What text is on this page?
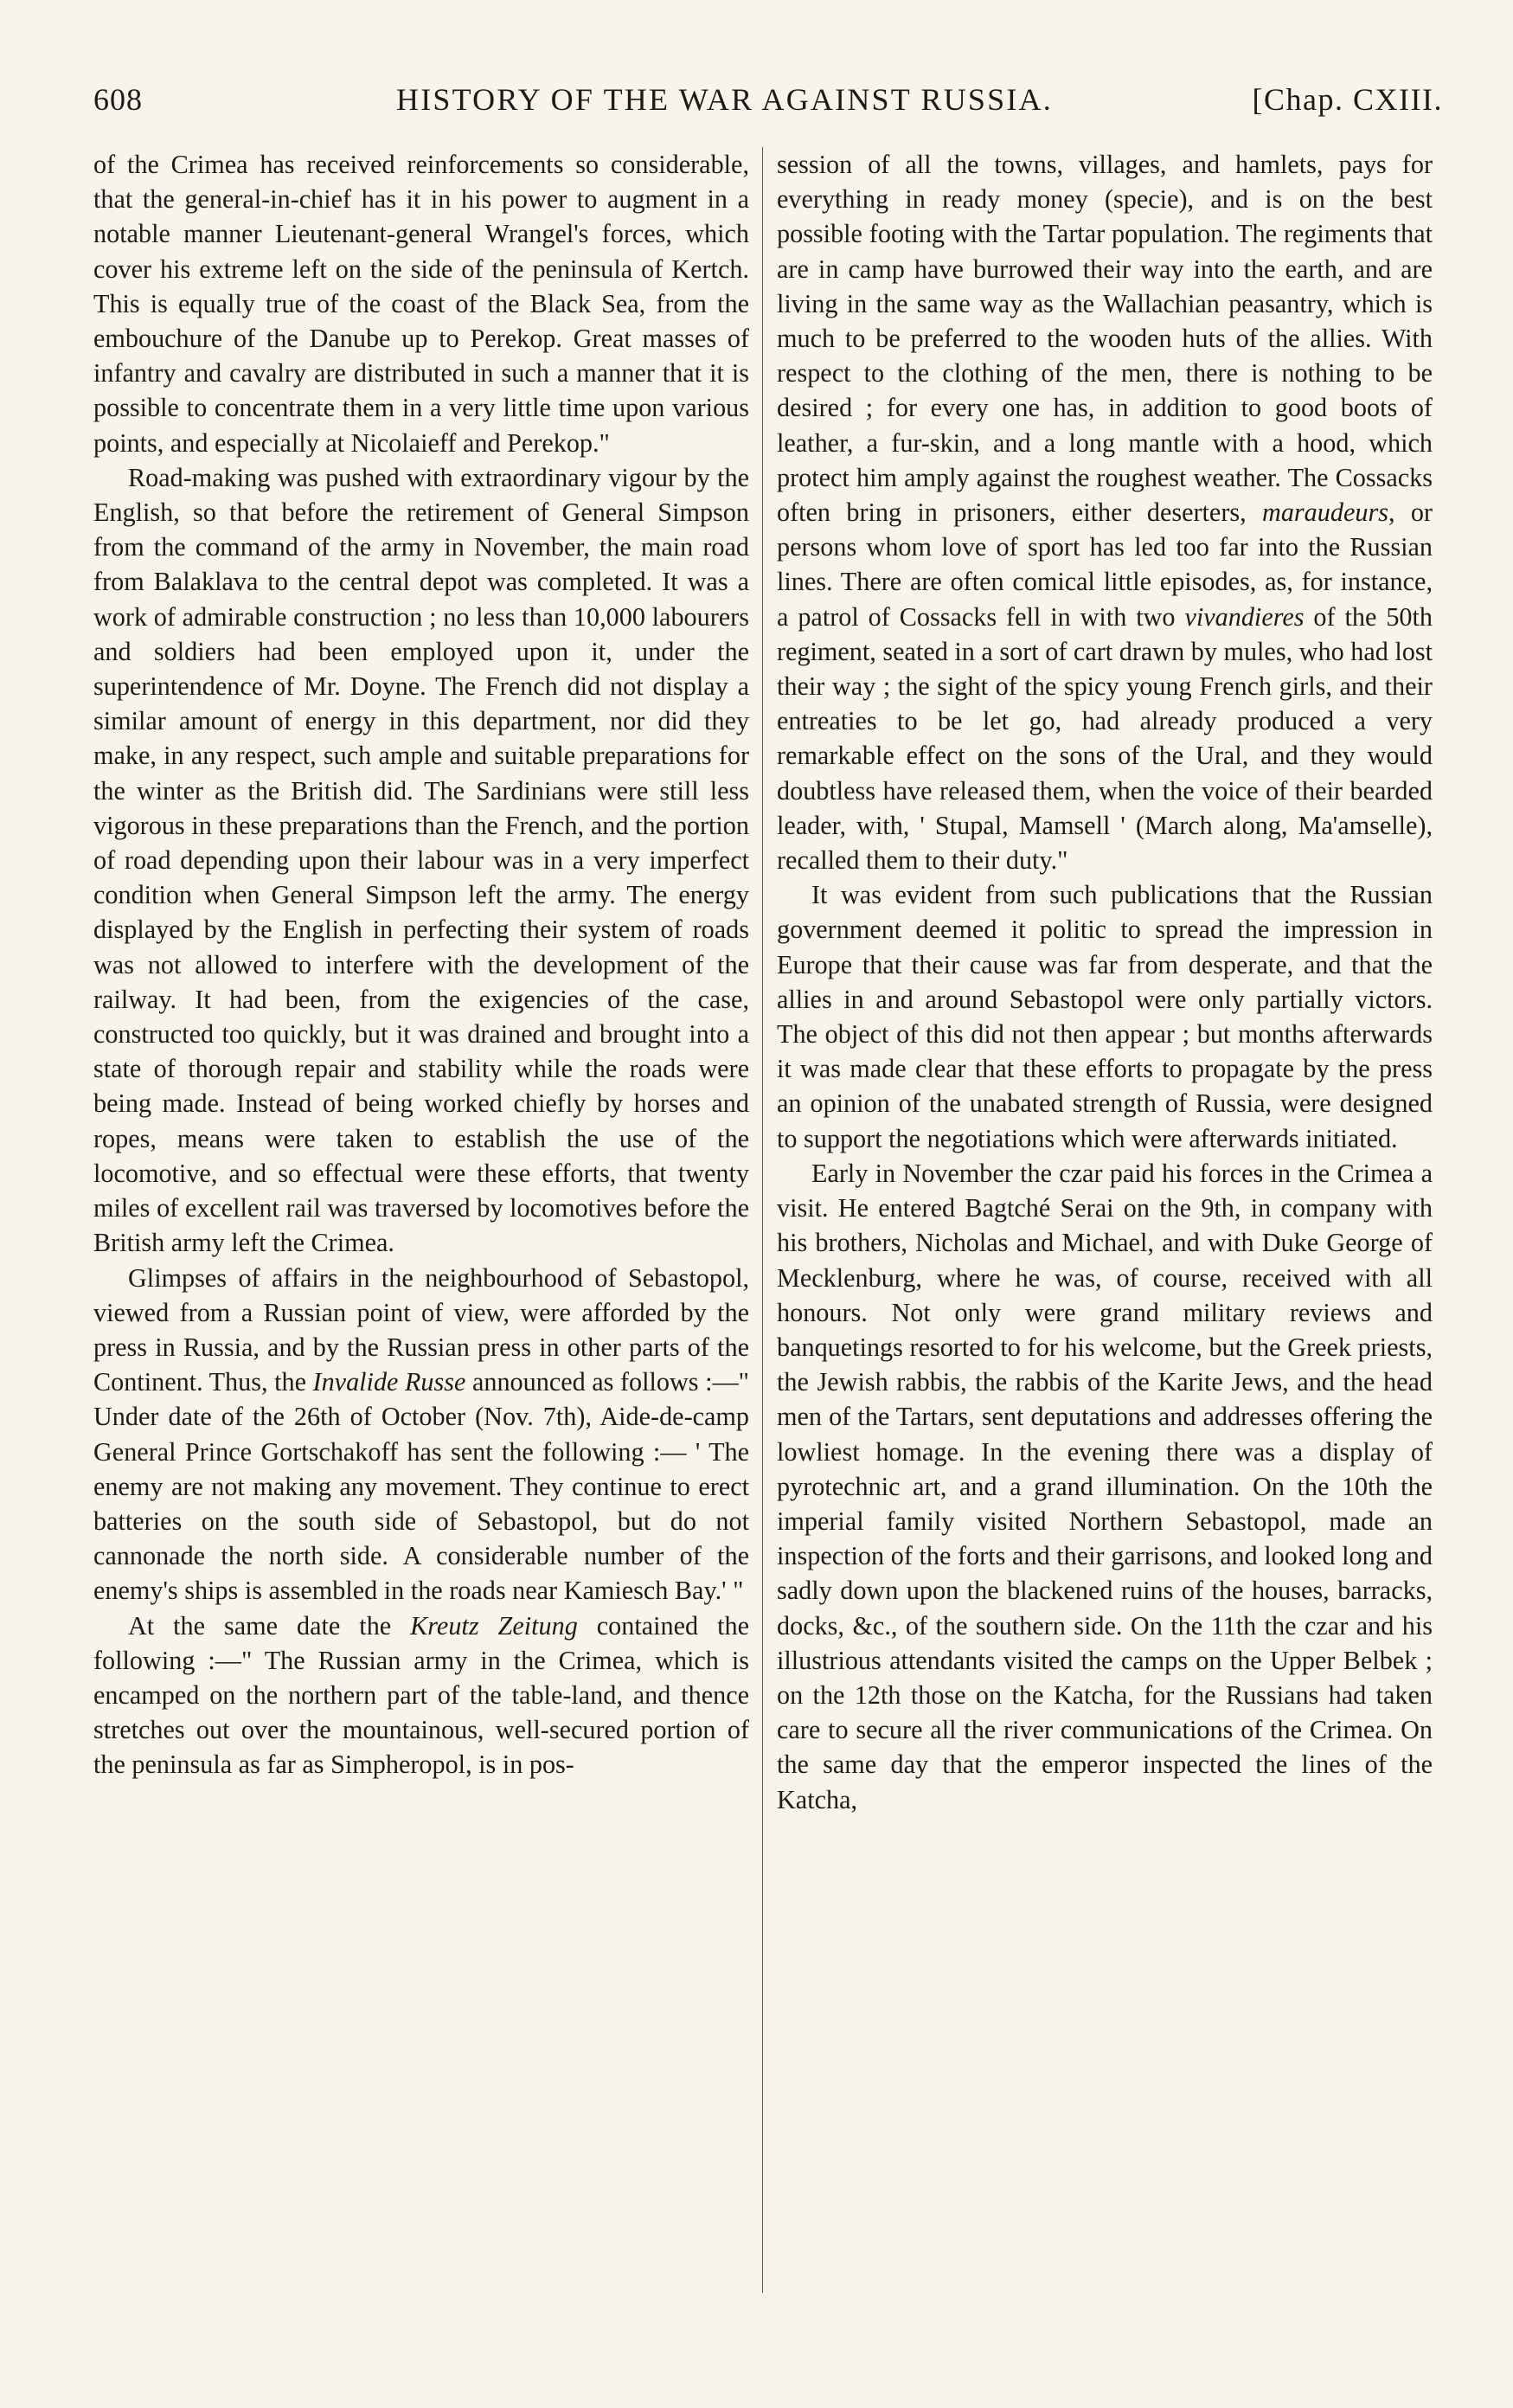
608	HISTORY OF THE WAR AGAINST RUSSIA.	[Chap. CXIII.

of the Crimea has received reinforcements so considerable, that the general-in-chief has it in his power to augment in a notable manner Lieutenant-general Wrangel's forces, which cover his extreme left on the side of the peninsula of Kertch. This is equally true of the coast of the Black Sea, from the embouchure of the Danube up to Perekop. Great masses of infantry and cavalry are distributed in such a manner that it is possible to concentrate them in a very little time upon various points, and especially at Nicolaieff and Perekop."

Road-making was pushed with extraordinary vigour by the English, so that before the retirement of General Simpson from the command of the army in November, the main road from Balaklava to the central depot was completed. It was a work of admirable construction ; no less than 10,000 labourers and soldiers had been employed upon it, under the superintendence of Mr. Doyne. The French did not display a similar amount of energy in this department, nor did they make, in any respect, such ample and suitable preparations for the winter as the British did. The Sardinians were still less vigorous in these preparations than the French, and the portion of road depending upon their labour was in a very imperfect condition when General Simpson left the army. The energy displayed by the English in perfecting their system of roads was not allowed to interfere with the development of the railway. It had been, from the exigencies of the case, constructed too quickly, but it was drained and brought into a state of thorough repair and stability while the roads were being made. Instead of being worked chiefly by horses and ropes, means were taken to establish the use of the locomotive, and so effectual were these efforts, that twenty miles of excellent rail was traversed by locomotives before the British army left the Crimea.

Glimpses of affairs in the neighbourhood of Sebastopol, viewed from a Russian point of view, were afforded by the press in Russia, and by the Russian press in other parts of the Continent. Thus, the Invalide Russe announced as follows :—" Under date of the 26th of October (Nov. 7th), Aide-de-camp General Prince Gortschakoff has sent the following :— ' The enemy are not making any movement. They continue to erect batteries on the south side of Sebastopol, but do not cannonade the north side. A considerable number of the enemy's ships is assembled in the roads near Kamiesch Bay.' "

At the same date the Kreutz Zeitung contained the following :—" The Russian army in the Crimea, which is encamped on the northern part of the table-land, and thence stretches out over the mountainous, well-secured portion of the peninsula as far as Simpheropol, is in pos-

session of all the towns, villages, and hamlets, pays for everything in ready money (specie), and is on the best possible footing with the Tartar population. The regiments that are in camp have burrowed their way into the earth, and are living in the same way as the Wallachian peasantry, which is much to be preferred to the wooden huts of the allies. With respect to the clothing of the men, there is nothing to be desired ; for every one has, in addition to good boots of leather, a fur-skin, and a long mantle with a hood, which protect him amply against the roughest weather. The Cossacks often bring in prisoners, either deserters, maraudeurs, or persons whom love of sport has led too far into the Russian lines. There are often comical little episodes, as, for instance, a patrol of Cossacks fell in with two vivandieres of the 50th regiment, seated in a sort of cart drawn by mules, who had lost their way ; the sight of the spicy young French girls, and their entreaties to be let go, had already produced a very remarkable effect on the sons of the Ural, and they would doubtless have released them, when the voice of their bearded leader, with, ' Stupal, Mamsell ' (March along, Ma'amselle), recalled them to their duty."

It was evident from such publications that the Russian government deemed it politic to spread the impression in Europe that their cause was far from desperate, and that the allies in and around Sebastopol were only partially victors. The object of this did not then appear ; but months afterwards it was made clear that these efforts to propagate by the press an opinion of the unabated strength of Russia, were designed to support the negotiations which were afterwards initiated.

Early in November the czar paid his forces in the Crimea a visit. He entered Bagtché Serai on the 9th, in company with his brothers, Nicholas and Michael, and with Duke George of Mecklenburg, where he was, of course, received with all honours. Not only were grand military reviews and banquetings resorted to for his welcome, but the Greek priests, the Jewish rabbis, the rabbis of the Karite Jews, and the head men of the Tartars, sent deputations and addresses offering the lowliest homage. In the evening there was a display of pyrotechnic art, and a grand illumination. On the 10th the imperial family visited Northern Sebastopol, made an inspection of the forts and their garrisons, and looked long and sadly down upon the blackened ruins of the houses, barracks, docks, &c., of the southern side. On the 11th the czar and his illustrious attendants visited the camps on the Upper Belbek ; on the 12th those on the Katcha, for the Russians had taken care to secure all the river communications of the Crimea. On the same day that the emperor inspected the lines of the Katcha,
